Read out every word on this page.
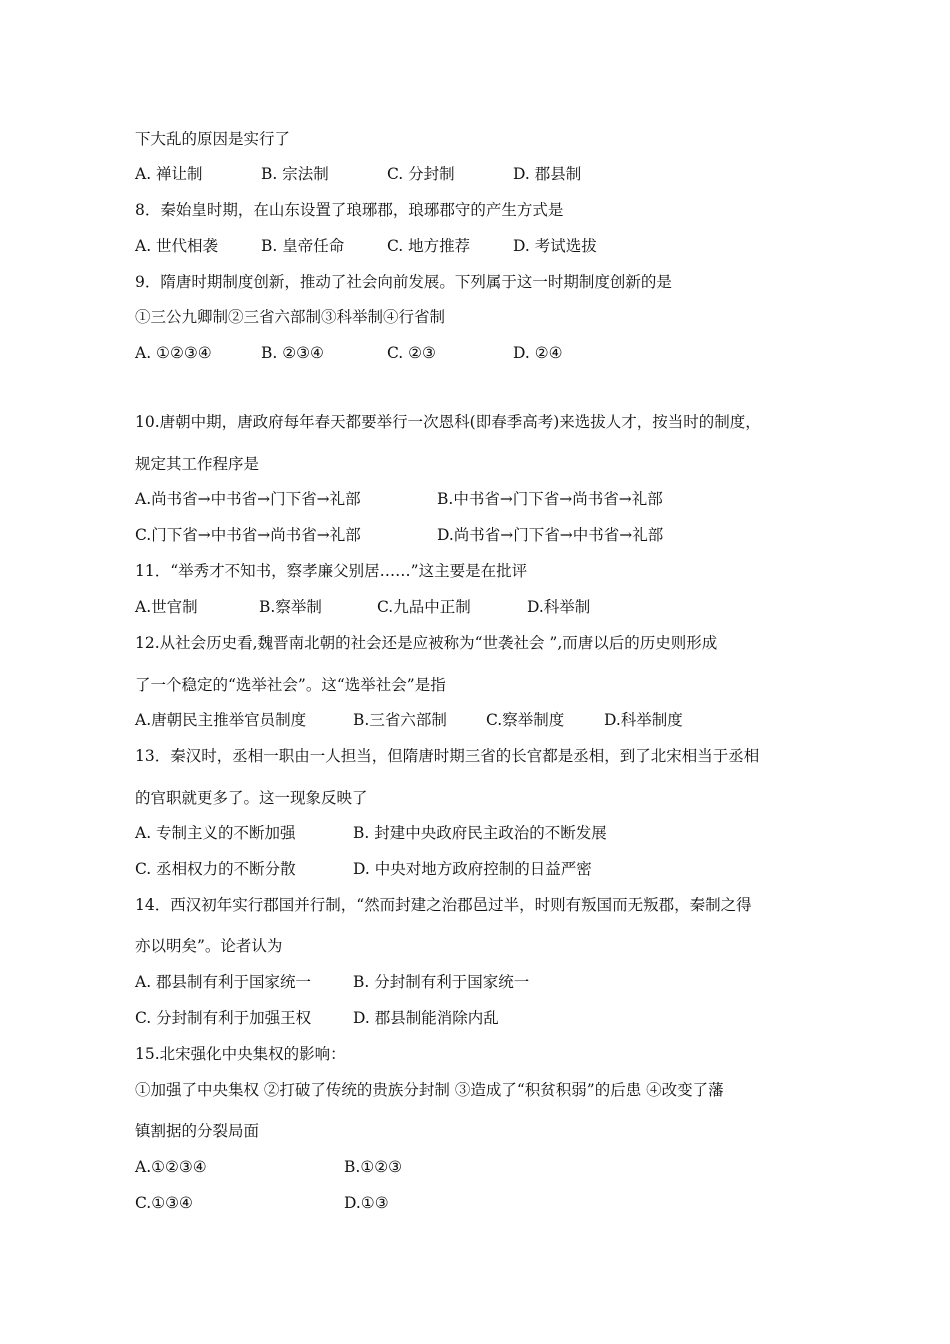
下大乱的原因是实行了
A. 禅让制	B. 宗法制	C. 分封制	D. 郡县制
8．秦始皇时期，在山东设置了琅琊郡，琅琊郡守的产生方式是
A. 世代相袭	B. 皇帝任命	C. 地方推荐	D. 考试选拔
9．隋唐时期制度创新，推动了社会向前发展。下列属于这一时期制度创新的是
①三公九卿制②三省六部制③科举制④行省制
A. ①②③④	B. ②③④	C. ②③	D. ②④
10.唐朝中期，唐政府每年春天都要举行一次恩科(即春季高考)来选拔人才，按当时的制度，
规定其工作程序是
A.尚书省→中书省→门下省→礼部	B.中书省→门下省→尚书省→礼部
C.门下省→中书省→尚书省→礼部	D.尚书省→门下省→中书省→礼部
11．“举秀才不知书，察孝廉父别居……”这主要是在批评
A.世官制	B.察举制	C.九品中正制	D.科举制
12.从社会历史看,魏晋南北朝的社会还是应被称为“世袭社会 ”,而唐以后的历史则形成
了一个稳定的“选举社会”。这“选举社会”是指
A.唐朝民主推举官员制度	B.三省六部制	C.察举制度	D.科举制度
13．秦汉时，丞相一职由一人担当，但隋唐时期三省的长官都是丞相，到了北宋相当于丞相
的官职就更多了。这一现象反映了
A. 专制主义的不断加强	B. 封建中央政府民主政治的不断发展
C. 丞相权力的不断分散	D. 中央对地方政府控制的日益严密
14．西汉初年实行郡国并行制，“然而封建之治郡邑过半，时则有叛国而无叛郡，秦制之得
亦以明矣”。论者认为
A. 郡县制有利于国家统一	B. 分封制有利于国家统一
C. 分封制有利于加强王权	D. 郡县制能消除内乱
15.北宋强化中央集权的影响：
①加强了中央集权 ②打破了传统的贵族分封制 ③造成了“积贫积弱”的后患 ④改变了藩
镇割据的分裂局面
A.①②③④	B.①②③
C.①③④	D.①③
